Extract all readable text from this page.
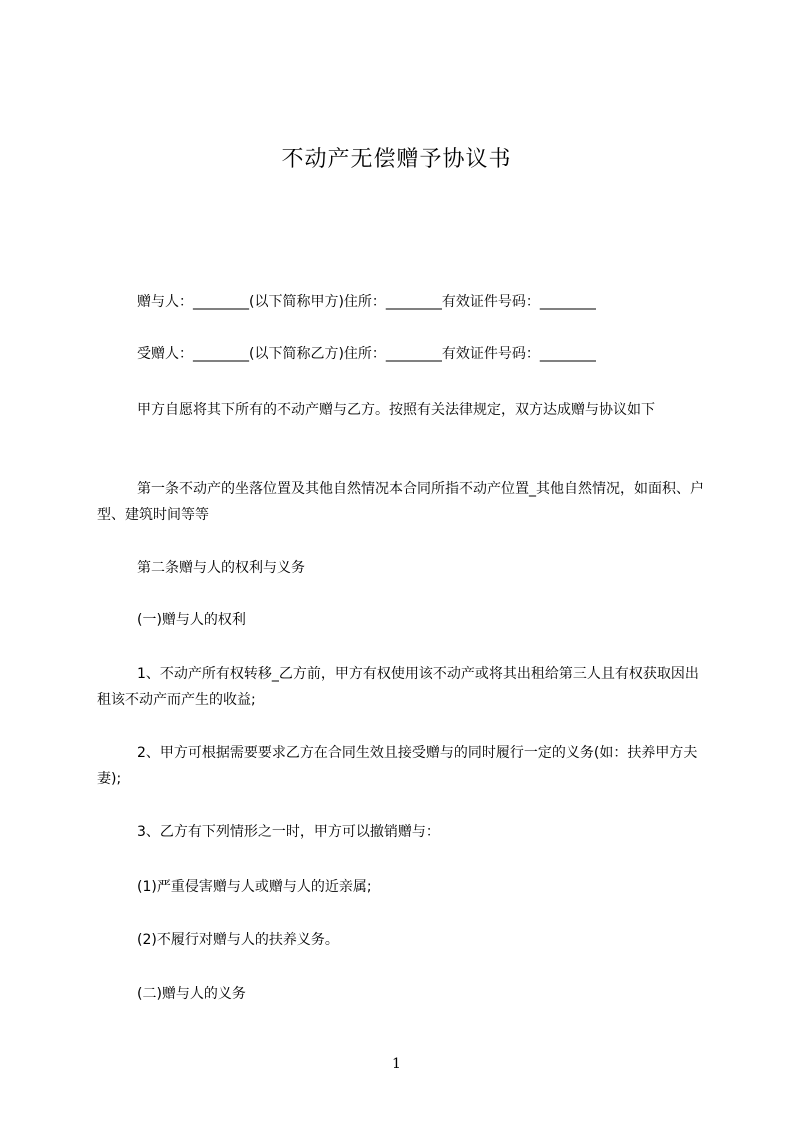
不动产无偿赠予协议书
赠与人：________(以下简称甲方)住所：________有效证件号码：________
受赠人：________(以下简称乙方)住所：________有效证件号码：________
甲方自愿将其下所有的不动产赠与乙方。按照有关法律规定，双方达成赠与协议如下
第一条不动产的坐落位置及其他自然情况本合同所指不动产位置_其他自然情况，如面积、户型、建筑时间等等
第二条赠与人的权利与义务
(一)赠与人的权利
1、不动产所有权转移_乙方前，甲方有权使用该不动产或将其出租给第三人且有权获取因出租该不动产而产生的收益;
2、甲方可根据需要要求乙方在合同生效且接受赠与的同时履行一定的义务(如：扶养甲方夫妻);
3、乙方有下列情形之一时，甲方可以撤销赠与：
(1)严重侵害赠与人或赠与人的近亲属;
(2)不履行对赠与人的扶养义务。
(二)赠与人的义务
1
